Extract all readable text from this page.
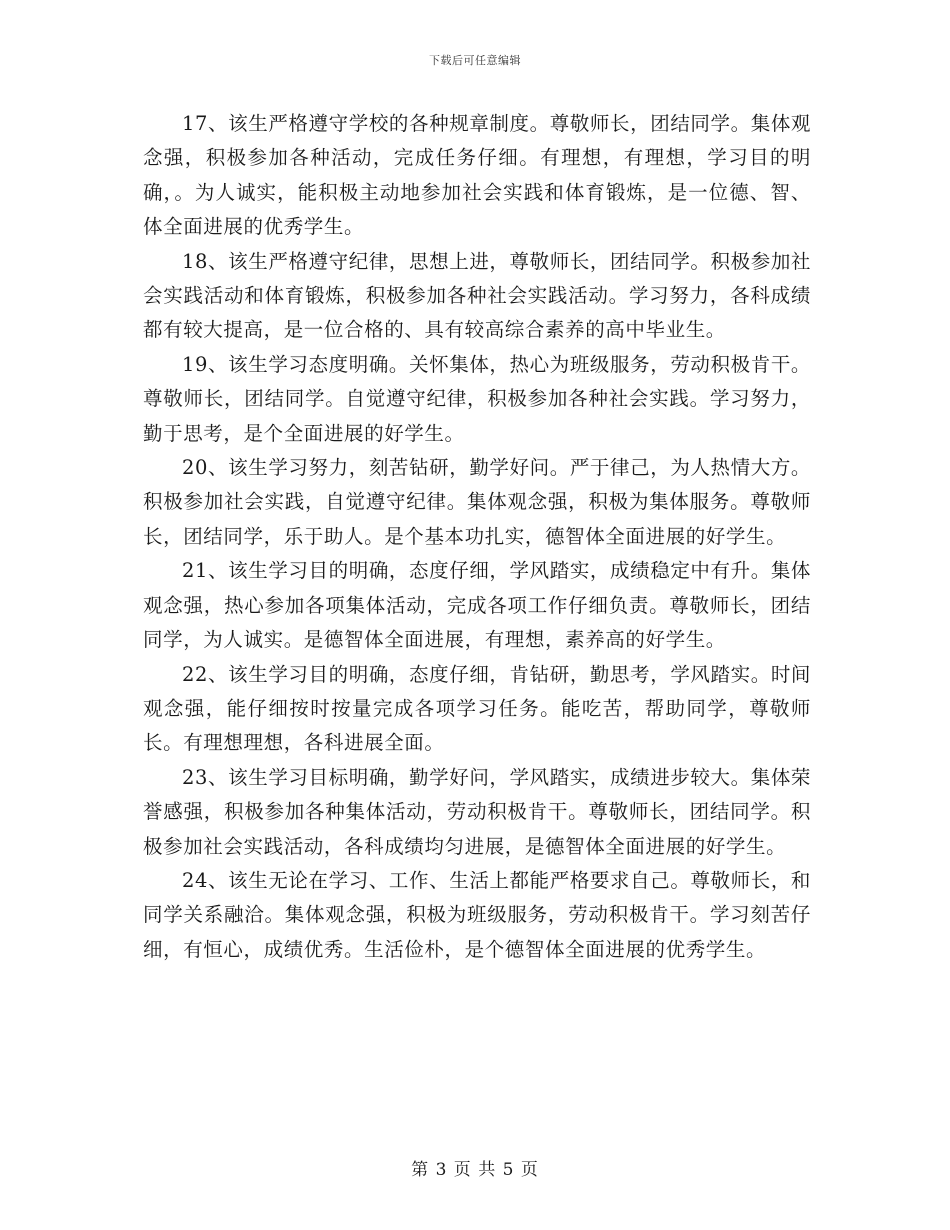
下载后可任意编辑

17、该生严格遵守学校的各种规章制度。尊敬师长，团结同学。集体观念强，积极参加各种活动，完成任务仔细。有理想，有理想，学习目的明确，。为人诚实，能积极主动地参加社会实践和体育锻炼，是一位德、智、体全面进展的优秀学生。

18、该生严格遵守纪律，思想上进，尊敬师长，团结同学。积极参加社会实践活动和体育锻炼，积极参加各种社会实践活动。学习努力，各科成绩都有较大提高，是一位合格的、具有较高综合素养的高中毕业生。

19、该生学习态度明确。关怀集体，热心为班级服务，劳动积极肯干。尊敬师长，团结同学。自觉遵守纪律，积极参加各种社会实践。学习努力，勤于思考，是个全面进展的好学生。

20、该生学习努力，刻苦钻研，勤学好问。严于律己，为人热情大方。积极参加社会实践，自觉遵守纪律。集体观念强，积极为集体服务。尊敬师长，团结同学，乐于助人。是个基本功扎实，德智体全面进展的好学生。

21、该生学习目的明确，态度仔细，学风踏实，成绩稳定中有升。集体观念强，热心参加各项集体活动，完成各项工作仔细负责。尊敬师长，团结同学，为人诚实。是德智体全面进展，有理想，素养高的好学生。

22、该生学习目的明确，态度仔细，肯钻研，勤思考，学风踏实。时间观念强，能仔细按时按量完成各项学习任务。能吃苦，帮助同学，尊敬师长。有理想理想，各科进展全面。

23、该生学习目标明确，勤学好问，学风踏实，成绩进步较大。集体荣誉感强，积极参加各种集体活动，劳动积极肯干。尊敬师长，团结同学。积极参加社会实践活动，各科成绩均匀进展，是德智体全面进展的好学生。

24、该生无论在学习、工作、生活上都能严格要求自己。尊敬师长，和同学关系融洽。集体观念强，积极为班级服务，劳动积极肯干。学习刻苦仔细，有恒心，成绩优秀。生活俭朴，是个德智体全面进展的优秀学生。

第 3 页 共 5 页
